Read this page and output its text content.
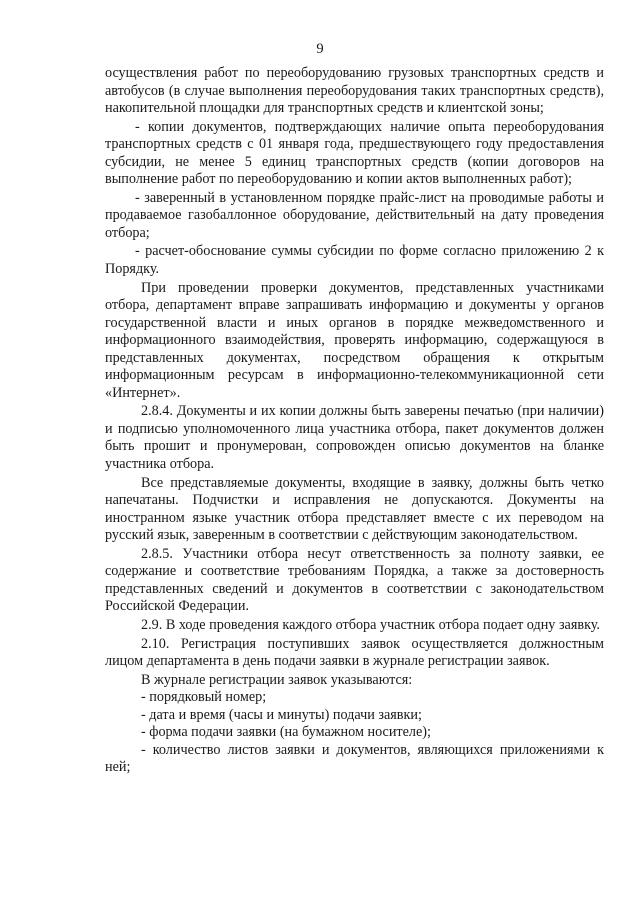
9

осуществления работ по переоборудованию грузовых транспортных средств и автобусов (в случае выполнения переоборудования таких транспортных средств), накопительной площадки для транспортных средств и клиентской зоны;

- копии документов, подтверждающих наличие опыта переоборудования транспортных средств с 01 января года, предшествующего году предоставления субсидии, не менее 5 единиц транспортных средств (копии договоров на выполнение работ по переоборудованию и копии актов выполненных работ);

- заверенный в установленном порядке прайс-лист на проводимые работы и продаваемое газобаллонное оборудование, действительный на дату проведения отбора;

- расчет-обоснование суммы субсидии по форме согласно приложению 2 к Порядку.

При проведении проверки документов, представленных участниками отбора, департамент вправе запрашивать информацию и документы у органов государственной власти и иных органов в порядке межведомственного и информационного взаимодействия, проверять информацию, содержащуюся в представленных документах, посредством обращения к открытым информационным ресурсам в информационно-телекоммуникационной сети «Интернет».

2.8.4. Документы и их копии должны быть заверены печатью (при наличии) и подписью уполномоченного лица участника отбора, пакет документов должен быть прошит и пронумерован, сопровожден описью документов на бланке участника отбора.

Все представляемые документы, входящие в заявку, должны быть четко напечатаны. Подчистки и исправления не допускаются. Документы на иностранном языке участник отбора представляет вместе с их переводом на русский язык, заверенным в соответствии с действующим законодательством.

2.8.5. Участники отбора несут ответственность за полноту заявки, ее содержание и соответствие требованиям Порядка, а также за достоверность представленных сведений и документов в соответствии с законодательством Российской Федерации.

2.9. В ходе проведения каждого отбора участник отбора подает одну заявку.

2.10. Регистрация поступивших заявок осуществляется должностным лицом департамента в день подачи заявки в журнале регистрации заявок.

В журнале регистрации заявок указываются:

- порядковый номер;

- дата и время (часы и минуты) подачи заявки;

- форма подачи заявки (на бумажном носителе);

- количество листов заявки и документов, являющихся приложениями к ней;
